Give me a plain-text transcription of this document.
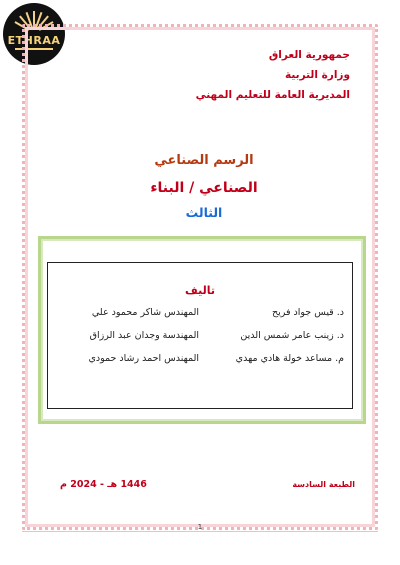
ETHRAA
جمهورية العراق
وزارة التربية
المديرية العامة للتعليم المهني
الرسم الصناعي
الصناعي / البناء
الثالث
تاليف
د. قيس جواد فريح
المهندس شاكر محمود علي
د. زينب عامر شمس الدين
المهندسة وجدان عبد الرزاق
م. مساعد خولة هادي مهدي
المهندس احمد رشاد حمودي
الطبعة السادسة
1446 هـ - 2024 م
1
